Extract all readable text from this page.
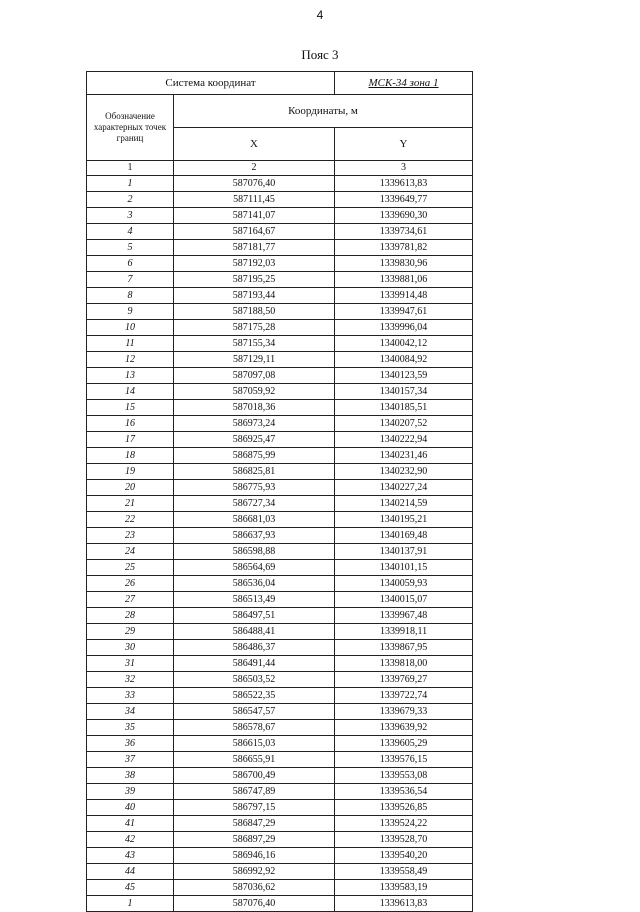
4
Пояс 3
Система координат		МСК-34 зона 1
Обозначение характерных точек границ	Координаты, м	
	X	Y
1	2	3
1	587076,40	1339613,83
2	587111,45	1339649,77
3	587141,07	1339690,30
4	587164,67	1339734,61
5	587181,77	1339781,82
6	587192,03	1339830,96
7	587195,25	1339881,06
8	587193,44	1339914,48
9	587188,50	1339947,61
10	587175,28	1339996,04
11	587155,34	1340042,12
12	587129,11	1340084,92
13	587097,08	1340123,59
14	587059,92	1340157,34
15	587018,36	1340185,51
16	586973,24	1340207,52
17	586925,47	1340222,94
18	586875,99	1340231,46
19	586825,81	1340232,90
20	586775,93	1340227,24
21	586727,34	1340214,59
22	586681,03	1340195,21
23	586637,93	1340169,48
24	586598,88	1340137,91
25	586564,69	1340101,15
26	586536,04	1340059,93
27	586513,49	1340015,07
28	586497,51	1339967,48
29	586488,41	1339918,11
30	586486,37	1339867,95
31	586491,44	1339818,00
32	586503,52	1339769,27
33	586522,35	1339722,74
34	586547,57	1339679,33
35	586578,67	1339639,92
36	586615,03	1339605,29
37	586655,91	1339576,15
38	586700,49	1339553,08
39	586747,89	1339536,54
40	586797,15	1339526,85
41	586847,29	1339524,22
42	586897,29	1339528,70
43	586946,16	1339540,20
44	586992,92	1339558,49
45	587036,62	1339583,19
1	587076,40	1339613,83
